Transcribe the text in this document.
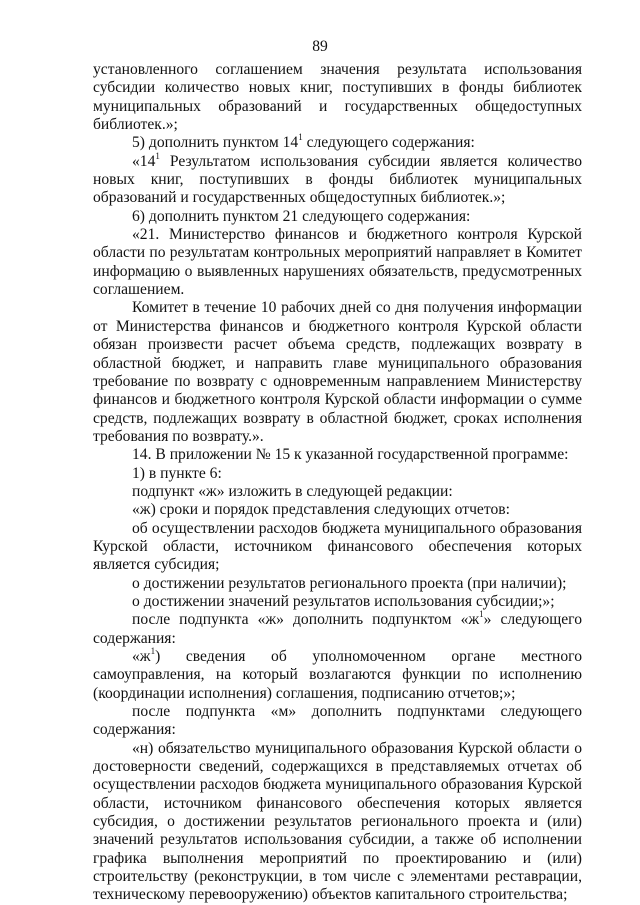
89

установленного соглашением значения результата использования субсидии количество новых книг, поступивших в фонды библиотек муниципальных образований и государственных общедоступных библиотек.»;

5) дополнить пунктом $14^1$ следующего содержания:

«$14^1$ Результатом использования субсидии является количество новых книг, поступивших в фонды библиотек муниципальных образований и государственных общедоступных библиотек.»;

6) дополнить пунктом 21 следующего содержания:

«21. Министерство финансов и бюджетного контроля Курской области по результатам контрольных мероприятий направляет в Комитет информацию о выявленных нарушениях обязательств, предусмотренных соглашением.

Комитет в течение 10 рабочих дней со дня получения информации от Министерства финансов и бюджетного контроля Курской области обязан произвести расчет объема средств, подлежащих возврату в областной бюджет, и направить главе муниципального образования требование по возврату с одновременным направлением Министерству финансов и бюджетного контроля Курской области информации о сумме средств, подлежащих возврату в областной бюджет, сроках исполнения требования по возврату.».

14. В приложении № 15 к указанной государственной программе:

1) в пункте 6:

подпункт «ж» изложить в следующей редакции:

«ж) сроки и порядок представления следующих отчетов:

об осуществлении расходов бюджета муниципального образования Курской области, источником финансового обеспечения которых является субсидия;

о достижении результатов регионального проекта (при наличии);

о достижении значений результатов использования субсидии;»;

после подпункта «ж» дополнить подпунктом «$ж^1$» следующего содержания:

«$ж^1$) сведения об уполномоченном органе местного самоуправления, на который возлагаются функции по исполнению (координации исполнения) соглашения, подписанию отчетов;»;

после подпункта «м» дополнить подпунктами следующего содержания:

«н) обязательство муниципального образования Курской области о достоверности сведений, содержащихся в представляемых отчетах об осуществлении расходов бюджета муниципального образования Курской области, источником финансового обеспечения которых является субсидия, о достижении результатов регионального проекта и (или) значений результатов использования субсидии, а также об исполнении графика выполнения мероприятий по проектированию и (или) строительству (реконструкции, в том числе с элементами реставрации, техническому перевооружению) объектов капитального строительства;
